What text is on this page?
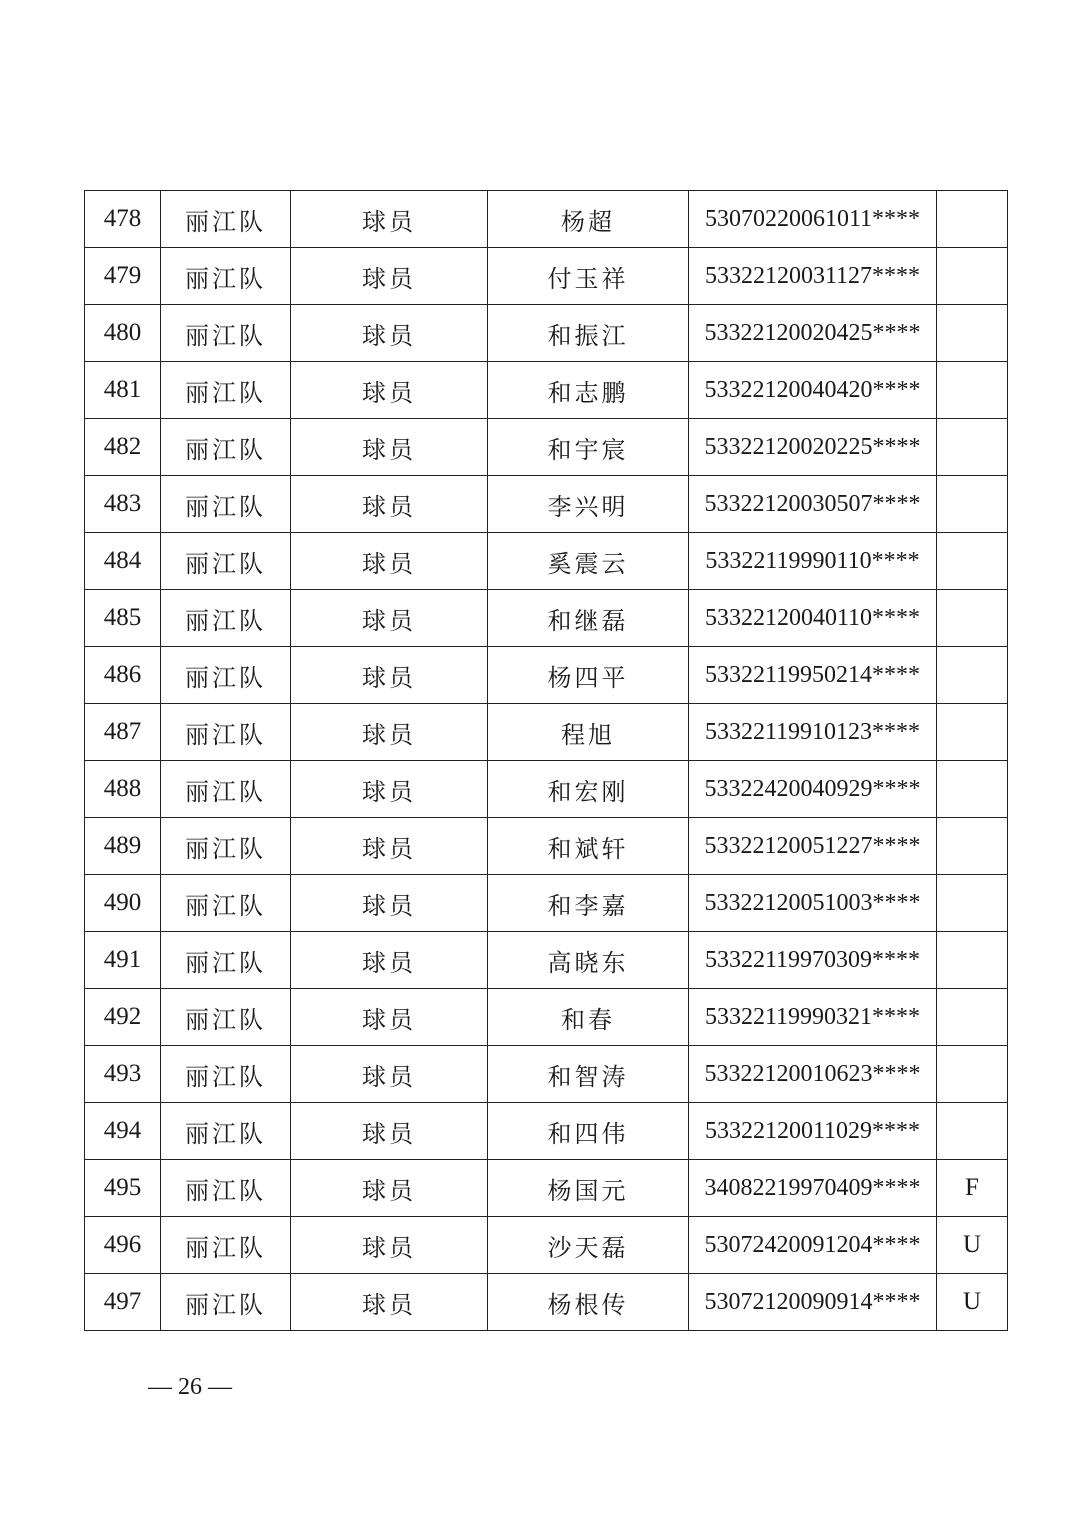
478	丽江队	球员	杨超	53070220061011****	
479	丽江队	球员	付玉祥	53322120031127****	
480	丽江队	球员	和振江	53322120020425****	
481	丽江队	球员	和志鹏	53322120040420****	
482	丽江队	球员	和宇宸	53322120020225****	
483	丽江队	球员	李兴明	53322120030507****	
484	丽江队	球员	奚震云	53322119990110****	
485	丽江队	球员	和继磊	53322120040110****	
486	丽江队	球员	杨四平	53322119950214****	
487	丽江队	球员	程旭	53322119910123****	
488	丽江队	球员	和宏刚	53322420040929****	
489	丽江队	球员	和斌轩	53322120051227****	
490	丽江队	球员	和李嘉	53322120051003****	
491	丽江队	球员	高晓东	53322119970309****	
492	丽江队	球员	和春	53322119990321****	
493	丽江队	球员	和智涛	53322120010623****	
494	丽江队	球员	和四伟	53322120011029****	
495	丽江队	球员	杨国元	34082219970409****	F
496	丽江队	球员	沙天磊	53072420091204****	U
497	丽江队	球员	杨根传	53072120090914****	U
— 26 —
